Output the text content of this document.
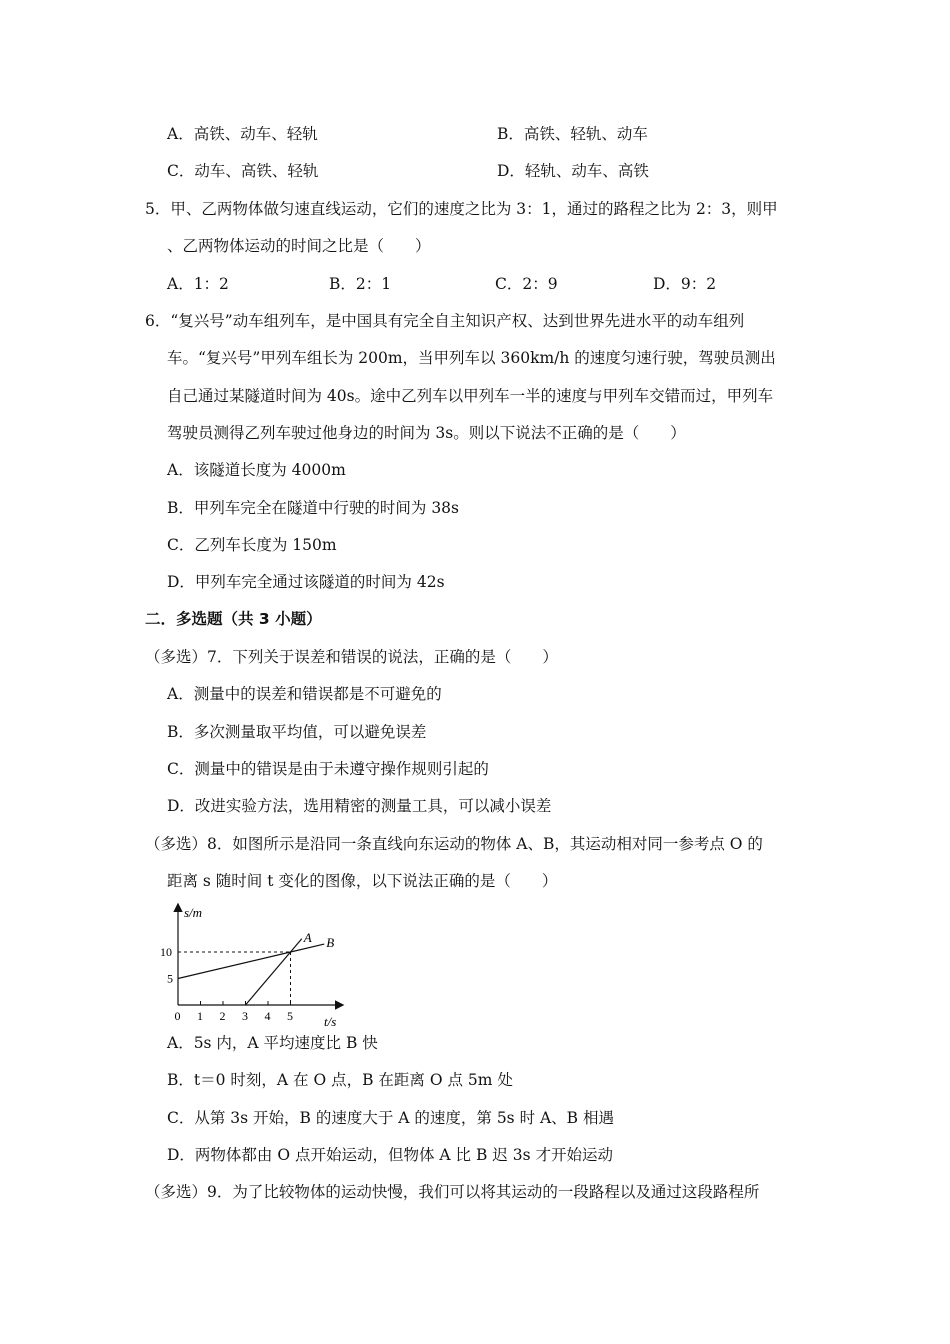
A．高铁、动车、轻轨	B．高铁、轻轨、动车
C．动车、高铁、轻轨	D．轻轨、动车、高铁
5．甲、乙两物体做匀速直线运动，它们的速度之比为 3：1，通过的路程之比为 2：3，则甲
、乙两物体运动的时间之比是（　　）
A．1：2	B．2：1	C．2：9	D．9：2
6．“复兴号”动车组列车，是中国具有完全自主知识产权、达到世界先进水平的动车组列
车。“复兴号”甲列车组长为 200m，当甲列车以 360km/h 的速度匀速行驶，驾驶员测出
自己通过某隧道时间为 40s。途中乙列车以甲列车一半的速度与甲列车交错而过，甲列车
驾驶员测得乙列车驶过他身边的时间为 3s。则以下说法不正确的是（　　）
A．该隧道长度为 4000m
B．甲列车完全在隧道中行驶的时间为 38s
C．乙列车长度为 150m
D．甲列车完全通过该隧道的时间为 42s
二．多选题（共 3 小题）
（多选）7．下列关于误差和错误的说法，正确的是（　　）
A．测量中的误差和错误都是不可避免的
B．多次测量取平均值，可以避免误差
C．测量中的错误是由于未遵守操作规则引起的
D．改进实验方法，选用精密的测量工具，可以减小误差
（多选）8．如图所示是沿同一条直线向东运动的物体 A、B，其运动相对同一参考点 O 的
距离 s 随时间 t 变化的图像，以下说法正确的是（　　）
0 1 2 3 4 5
5
10
A B
s/m
t/s
A．5s 内，A 平均速度比 B 快
B．t＝0 时刻，A 在 O 点，B 在距离 O 点 5m 处
C．从第 3s 开始，B 的速度大于 A 的速度，第 5s 时 A、B 相遇
D．两物体都由 O 点开始运动，但物体 A 比 B 迟 3s 才开始运动
（多选）9．为了比较物体的运动快慢，我们可以将其运动的一段路程以及通过这段路程所
